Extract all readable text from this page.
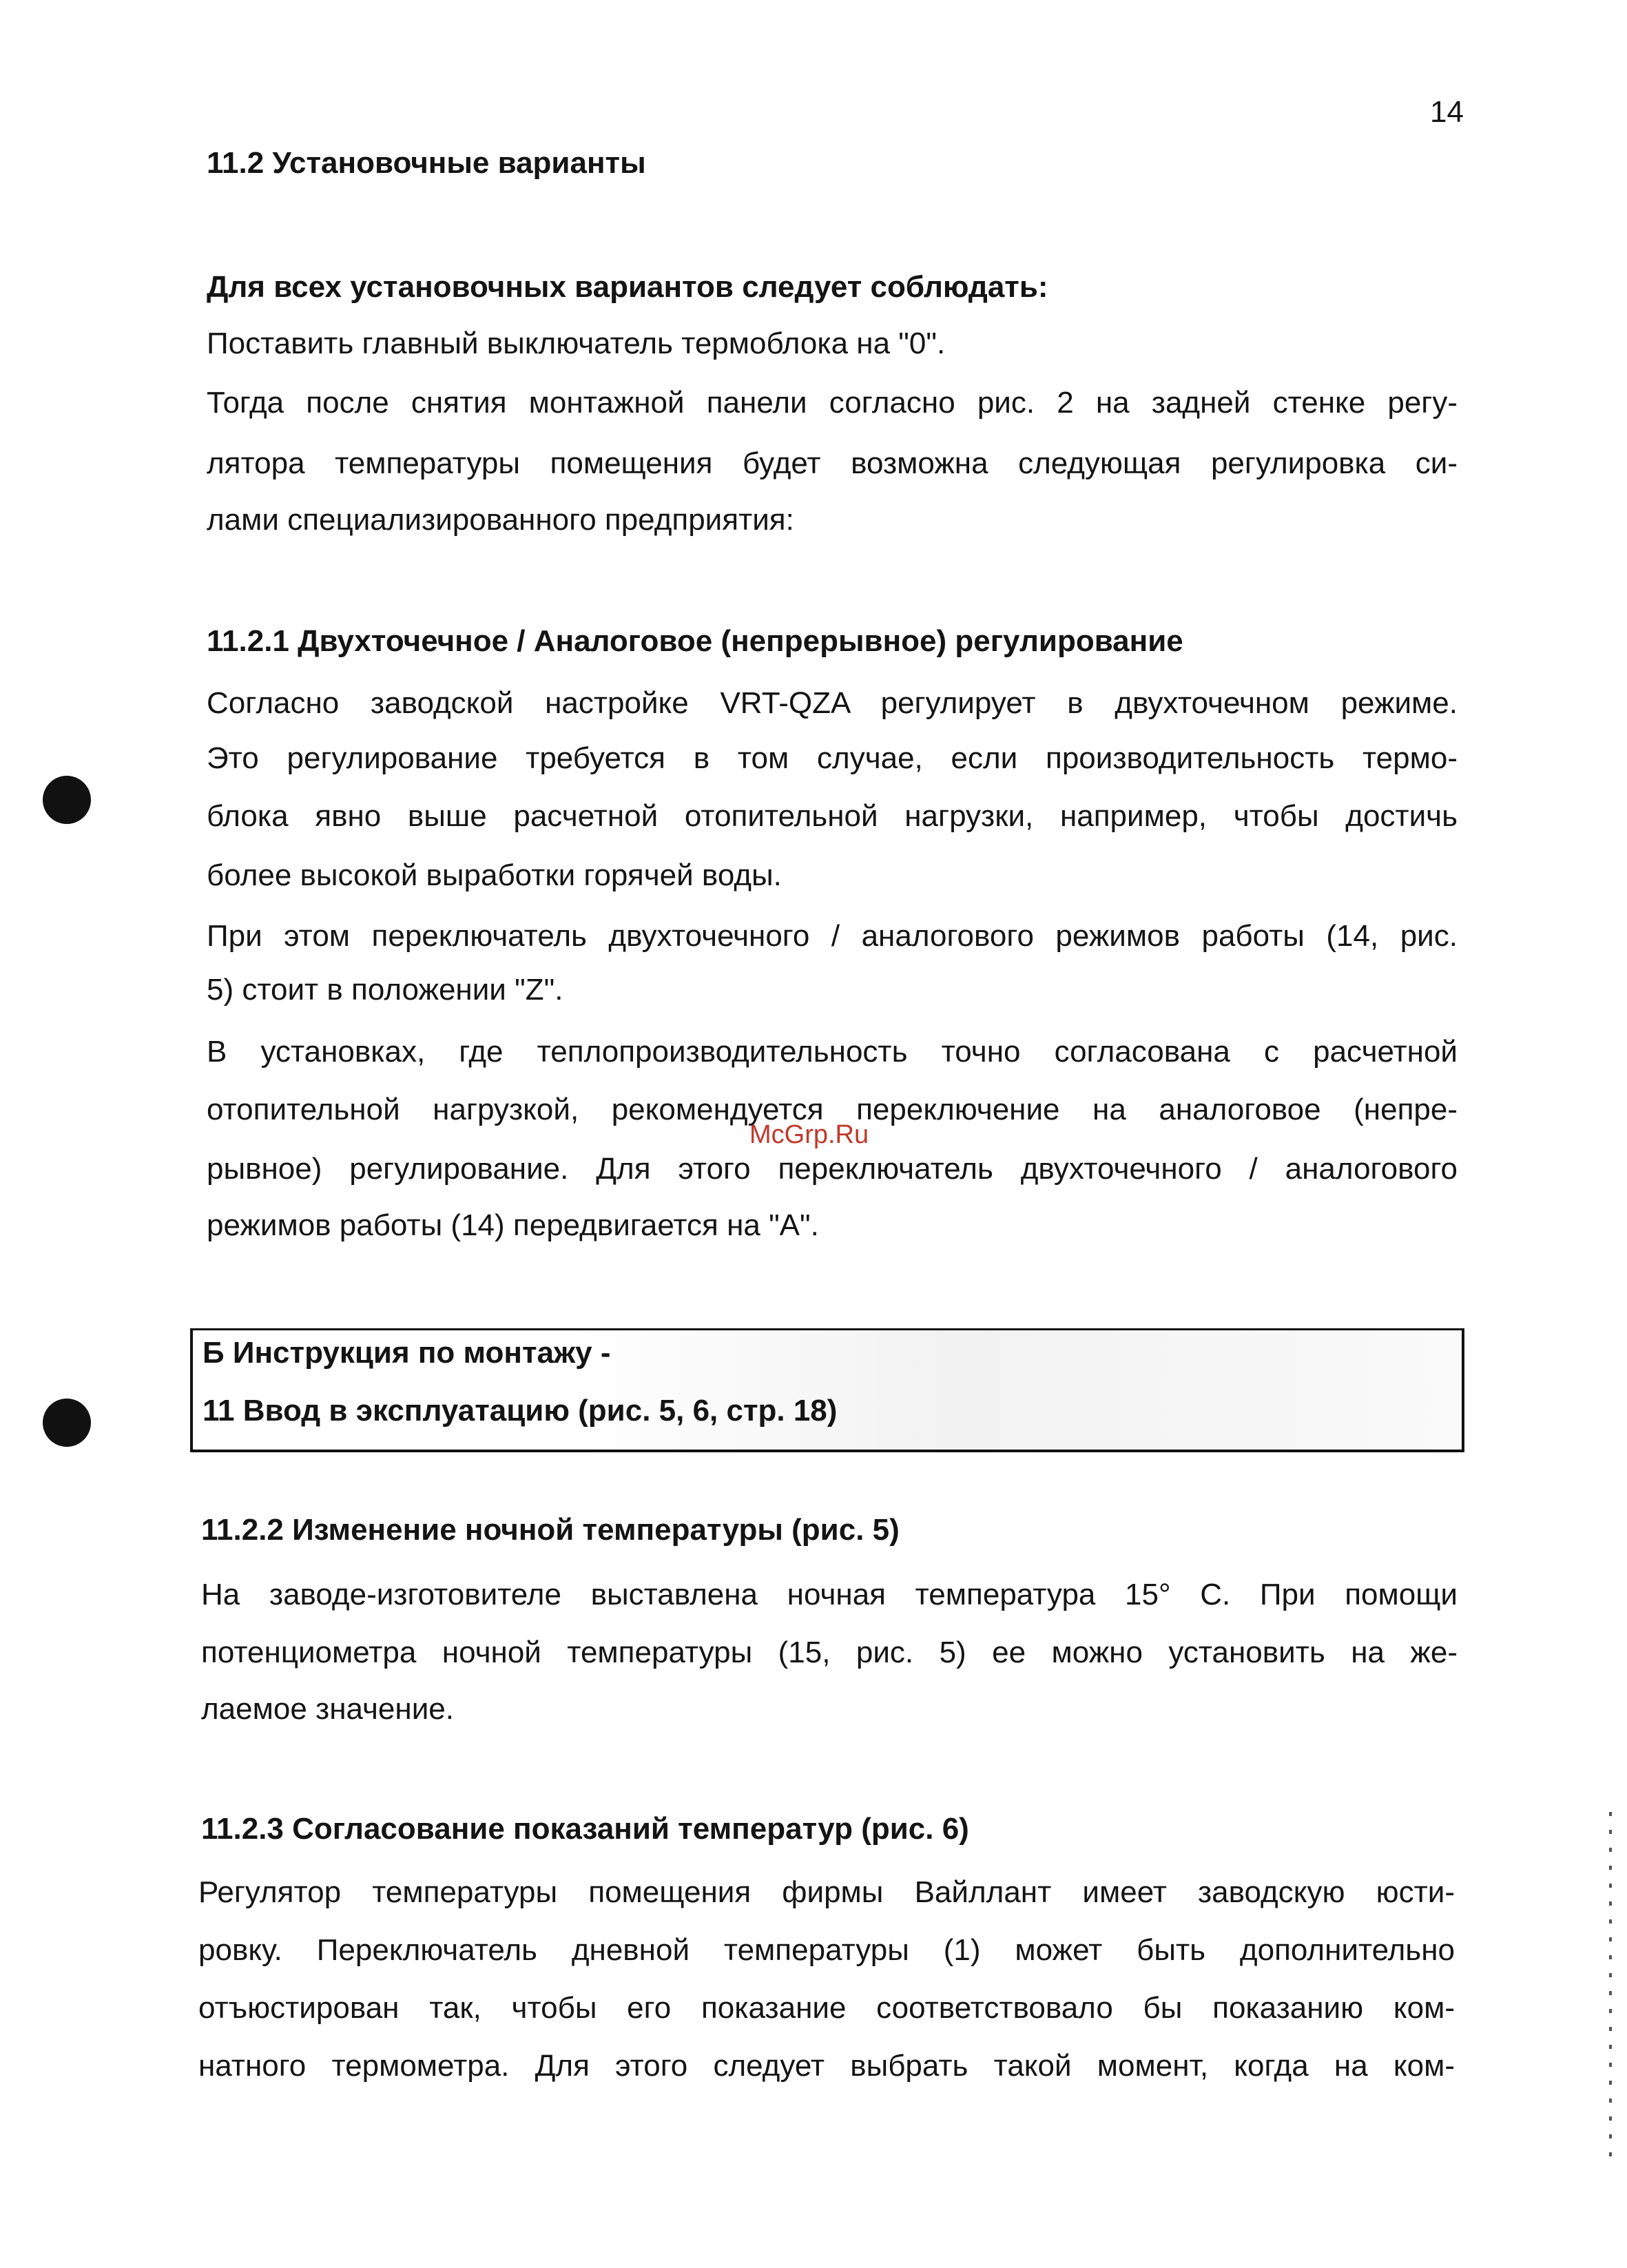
14
11.2 Установочные варианты
Для всех установочных вариантов следует соблюдать:
Поставить главный выключатель термоблока на "0".
Тогда после снятия монтажной панели согласно рис. 2 на задней стенке регу-
лятора температуры помещения будет возможна следующая регулировка си-
лами специализированного предприятия:
11.2.1 Двухточечное / Аналоговое (непрерывное) регулирование
Согласно заводской настройке VRT-QZA регулирует в двухточечном режиме.
Это регулирование требуется в том случае, если производительность термо-
блока явно выше расчетной отопительной нагрузки, например, чтобы достичь
более высокой выработки горячей воды.
При этом переключатель двухточечного / аналогового режимов работы (14, рис.
5) стоит в положении "Z".
В установках, где теплопроизводительность точно согласована с расчетной
отопительной нагрузкой, рекомендуется переключение на аналоговое (непре-
рывное) регулирование. Для этого переключатель двухточечного / аналогового
режимов работы (14) передвигается на "А".
McGrp.Ru
Б Инструкция по монтажу -
11 Ввод в эксплуатацию (рис. 5, 6, стр. 18)
11.2.2 Изменение ночной температуры (рис. 5)
На заводе-изготовителе выставлена ночная температура 15° С. При помощи
потенциометра ночной температуры (15, рис. 5) ее можно установить на же-
лаемое значение.
11.2.3 Согласование показаний температур (рис. 6)
Регулятор температуры помещения фирмы Вайллант имеет заводскую юсти-
ровку. Переключатель дневной температуры (1) может быть дополнительно
отъюстирован так, чтобы его показание соответствовало бы показанию ком-
натного термометра. Для этого следует выбрать такой момент, когда на ком-
